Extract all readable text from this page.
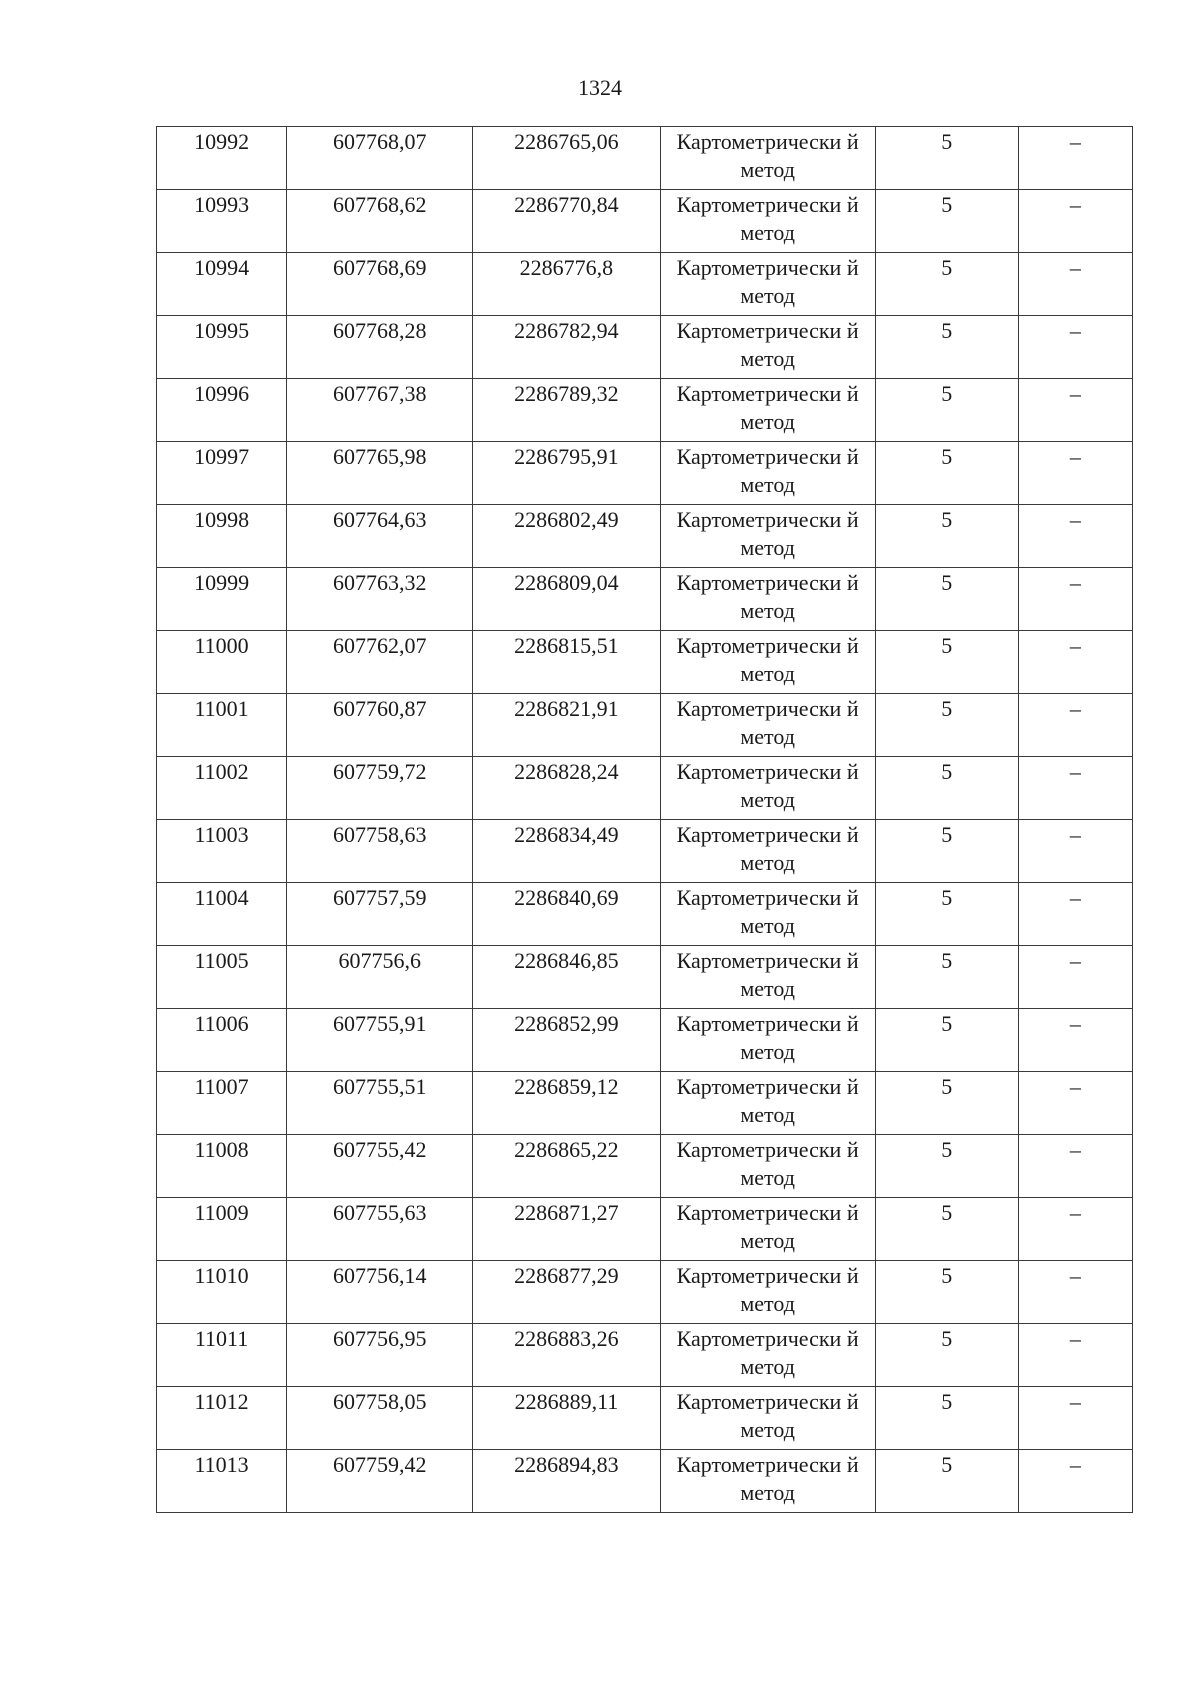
1324
10992	607768,07	2286765,06	Картометрически й метод	5	–

10993	607768,62	2286770,84	Картометрически й метод	5	–

10994	607768,69	2286776,8	Картометрически й метод	5	–

10995	607768,28	2286782,94	Картометрически й метод	5	–

10996	607767,38	2286789,32	Картометрически й метод	5	–

10997	607765,98	2286795,91	Картометрически й метод	5	–

10998	607764,63	2286802,49	Картометрически й метод	5	–

10999	607763,32	2286809,04	Картометрически й метод	5	–

11000	607762,07	2286815,51	Картометрически й метод	5	–

11001	607760,87	2286821,91	Картометрически й метод	5	–

11002	607759,72	2286828,24	Картометрически й метод	5	–

11003	607758,63	2286834,49	Картометрически й метод	5	–

11004	607757,59	2286840,69	Картометрически й метод	5	–

11005	607756,6	2286846,85	Картометрически й метод	5	–

11006	607755,91	2286852,99	Картометрически й метод	5	–

11007	607755,51	2286859,12	Картометрически й метод	5	–

11008	607755,42	2286865,22	Картометрически й метод	5	–

11009	607755,63	2286871,27	Картометрически й метод	5	–

11010	607756,14	2286877,29	Картометрически й метод	5	–

11011	607756,95	2286883,26	Картометрически й метод	5	–

11012	607758,05	2286889,11	Картометрически й метод	5	–

11013	607759,42	2286894,83	Картометрически й метод	5	–
